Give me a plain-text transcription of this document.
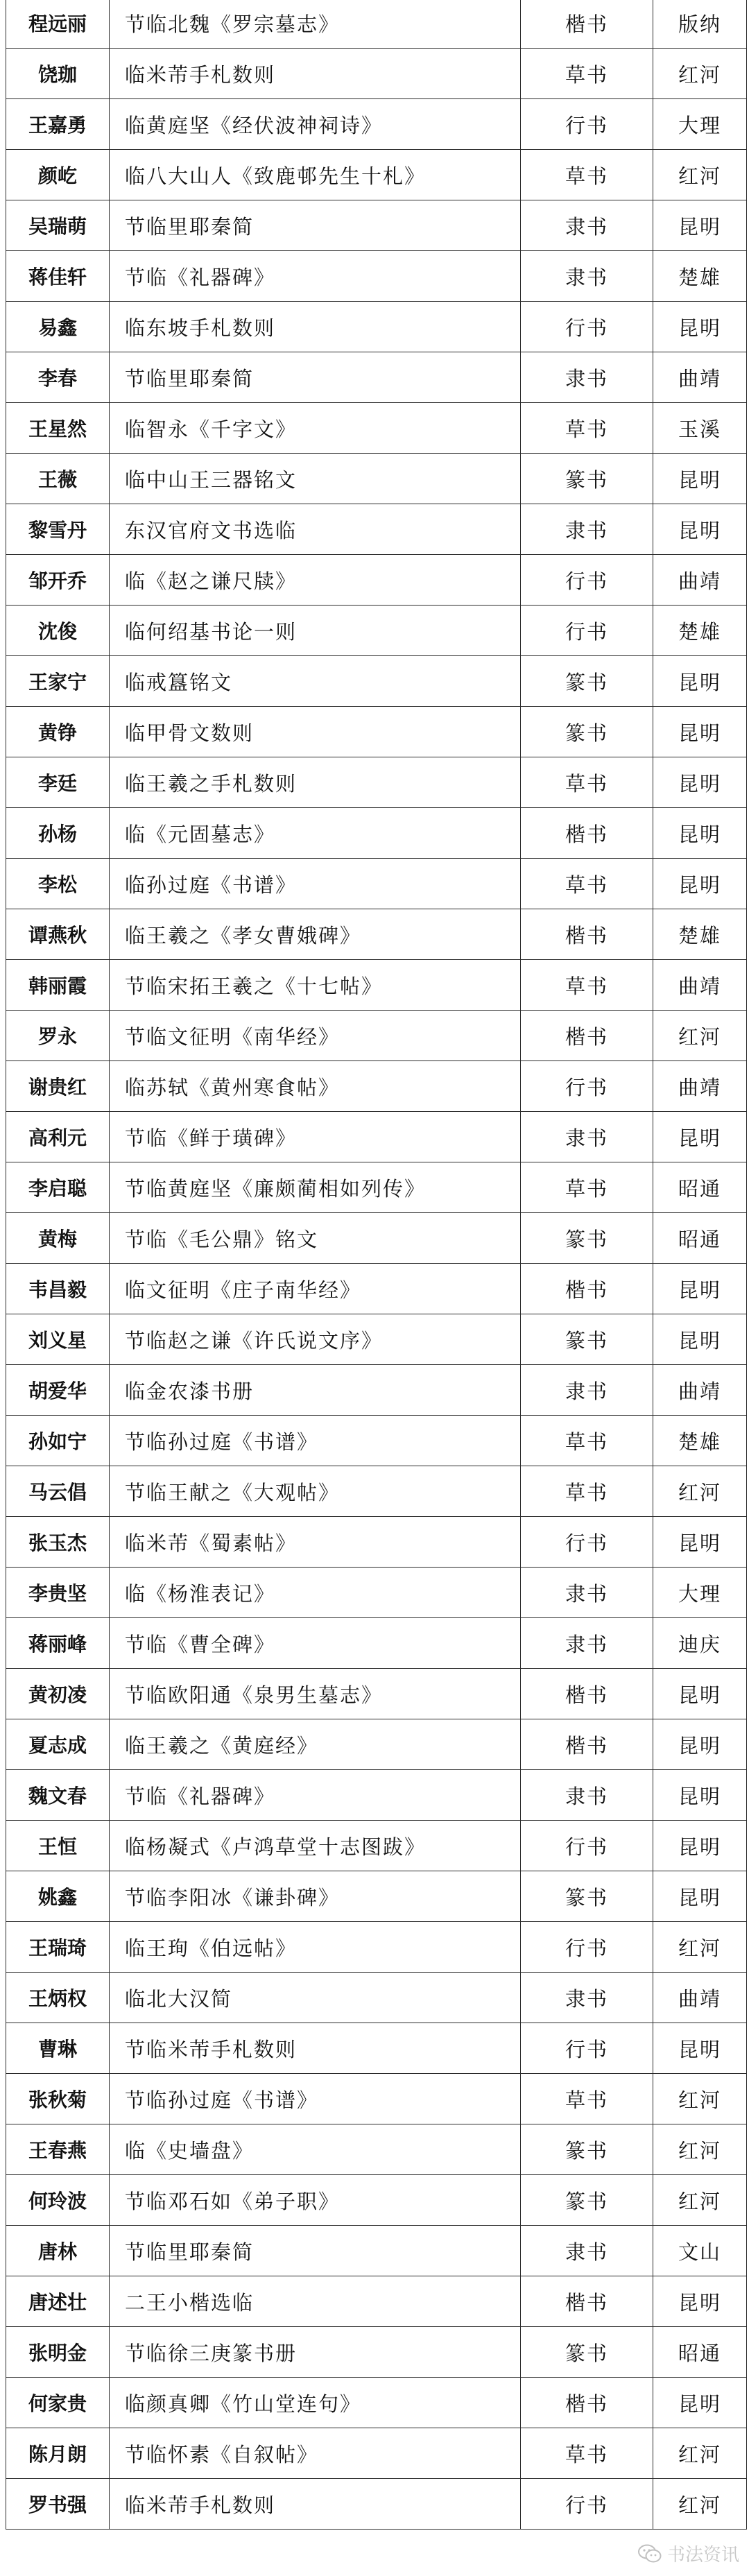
程远丽	节临北魏《罗宗墓志》	楷书	版纳
饶珈	临米芾手札数则	草书	红河
王嘉勇	临黄庭坚《经伏波神祠诗》	行书	大理
颜屹	临八大山人《致鹿邨先生十札》	草书	红河
吴瑞萌	节临里耶秦简	隶书	昆明
蒋佳轩	节临《礼器碑》	隶书	楚雄
易鑫	临东坡手札数则	行书	昆明
李春	节临里耶秦简	隶书	曲靖
王星然	临智永《千字文》	草书	玉溪
王薇	临中山王三器铭文	篆书	昆明
黎雪丹	东汉官府文书选临	隶书	昆明
邹开乔	临《赵之谦尺牍》	行书	曲靖
沈俊	临何绍基书论一则	行书	楚雄
王家宁	临戒簋铭文	篆书	昆明
黄铮	临甲骨文数则	篆书	昆明
李廷	临王羲之手札数则	草书	昆明
孙杨	临《元固墓志》	楷书	昆明
李松	临孙过庭《书谱》	草书	昆明
谭燕秋	临王羲之《孝女曹娥碑》	楷书	楚雄
韩丽霞	节临宋拓王羲之《十七帖》	草书	曲靖
罗永	节临文征明《南华经》	楷书	红河
谢贵红	临苏轼《黄州寒食帖》	行书	曲靖
高利元	节临《鲜于璜碑》	隶书	昆明
李启聪	节临黄庭坚《廉颇蔺相如列传》	草书	昭通
黄梅	节临《毛公鼎》铭文	篆书	昭通
韦昌毅	临文征明《庄子南华经》	楷书	昆明
刘义星	节临赵之谦《许氏说文序》	篆书	昆明
胡爱华	临金农漆书册	隶书	曲靖
孙如宁	节临孙过庭《书谱》	草书	楚雄
马云倡	节临王献之《大观帖》	草书	红河
张玉杰	临米芾《蜀素帖》	行书	昆明
李贵坚	临《杨淮表记》	隶书	大理
蒋丽峰	节临《曹全碑》	隶书	迪庆
黄初凌	节临欧阳通《泉男生墓志》	楷书	昆明
夏志成	临王羲之《黄庭经》	楷书	昆明
魏文春	节临《礼器碑》	隶书	昆明
王恒	临杨凝式《卢鸿草堂十志图跋》	行书	昆明
姚鑫	节临李阳冰《谦卦碑》	篆书	昆明
王瑞琦	临王珣《伯远帖》	行书	红河
王炳权	临北大汉简	隶书	曲靖
曹琳	节临米芾手札数则	行书	昆明
张秋菊	节临孙过庭《书谱》	草书	红河
王春燕	临《史墙盘》	篆书	红河
何玲波	节临邓石如《弟子职》	篆书	红河
唐林	节临里耶秦简	隶书	文山
唐述壮	二王小楷选临	楷书	昆明
张明金	节临徐三庚篆书册	篆书	昭通
何家贵	临颜真卿《竹山堂连句》	楷书	昆明
陈月朗	节临怀素《自叙帖》	草书	红河
罗书强	临米芾手札数则	行书	红河
书法资讯
